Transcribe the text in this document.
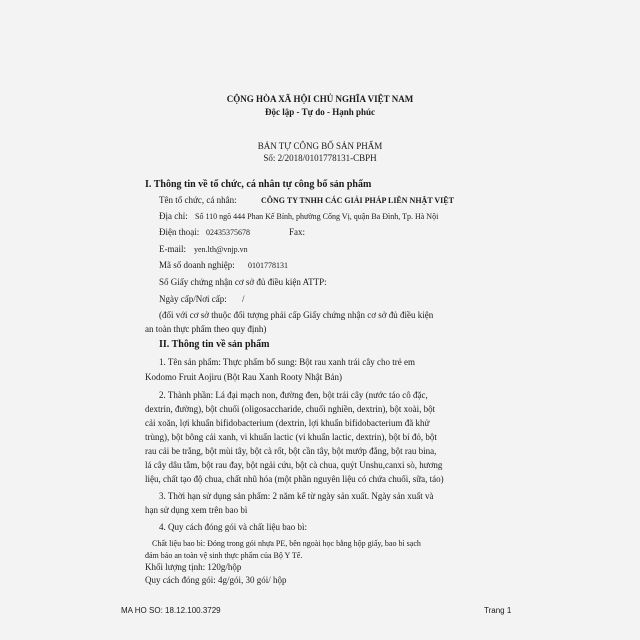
CỘNG HÒA XÃ HỘI CHỦ NGHĨA VIỆT NAM
Độc lập - Tự do - Hạnh phúc
BẢN TỰ CÔNG BỐ SẢN PHẨM
Số: 2/2018/0101778131-CBPH
I. Thông tin về tổ chức, cá nhân tự công bố sản phẩm
Tên tổ chức, cá nhân:	CÔNG TY TNHH CÁC GIẢI PHÁP LIÊN NHẬT VIỆT
Địa chỉ: Số 110 ngõ 444 Phan Kế Bính, phường Cống Vị, quận Ba Đình, Tp. Hà Nội
Điện thoại: 02435375678	Fax:
E-mail: yen.lth@vnjp.vn
Mã số doanh nghiệp: 0101778131
Số Giấy chứng nhận cơ sở đủ điều kiện ATTP:
Ngày cấp/Nơi cấp: /
(đối với cơ sở thuộc đối tượng phải cấp Giấy chứng nhận cơ sở đủ điều kiện
an toàn thực phẩm theo quy định)
II. Thông tin về sản phẩm
1. Tên sản phẩm: Thực phẩm bổ sung: Bột rau xanh trái cây cho trẻ em
Kodomo Fruit Aojiru (Bột Rau Xanh Rooty Nhật Bản)
2. Thành phần: Lá đại mạch non, đường đen, bột trái cây (nước táo cô đặc,
dextrin, đường), bột chuối (oligosaccharide, chuối nghiền, dextrin), bột xoài, bột
cải xoăn, lợi khuẩn bifidobacterium (dextrin, lợi khuẩn bifidobacterium đã khử
trùng), bột bông cải xanh, vi khuẩn lactic (vi khuẩn lactic, dextrin), bột bí đỏ, bột
rau cải be trắng, bột mùi tây, bột cà rốt, bột cần tây, bột mướp đắng, bột rau bina,
lá cây dâu tằm, bột rau đay, bột ngải cứu, bột cà chua, quýt Unshu,canxi sò, hương
liệu, chất tạo độ chua, chất nhũ hóa (một phần nguyên liệu có chứa chuối, sữa, táo)
3. Thời hạn sử dụng sản phẩm: 2 năm kể từ ngày sản xuất. Ngày sản xuất và
hạn sử dụng xem trên bao bì
4. Quy cách đóng gói và chất liệu bao bì:
Chất liệu bao bì: Đóng trong gói nhựa PE, bên ngoài học bằng hộp giấy, bao bì sạch
đảm bảo an toàn vệ sinh thực phẩm của Bộ Y Tế.
Khối lượng tịnh: 120g/hộp
Quy cách đóng gói: 4g/gói, 30 gói/ hộp
MA HO SO: 18.12.100.3729	Trang 1
